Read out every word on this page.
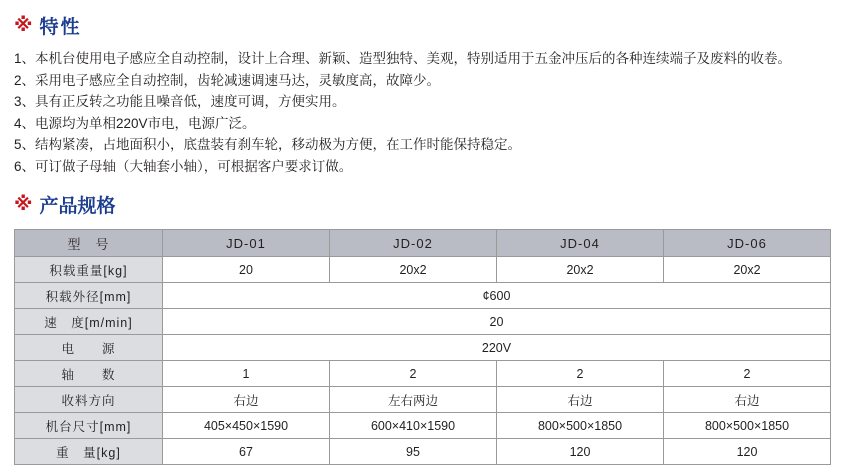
※ 特性
1、本机台使用电子感应全自动控制，设计上合理、新颖、造型独特、美观，特别适用于五金冲压后的各种连续端子及废料的收卷。
2、采用电子感应全自动控制，齿轮减速调速马达，灵敏度高，故障少。
3、具有正反转之功能且噪音低，速度可调，方便实用。
4、电源均为单相220V市电，电源广泛。
5、结构紧凑，占地面积小，底盘装有刹车轮，移动极为方便，在工作时能保持稳定。
6、可订做子母轴（大轴套小轴），可根据客户要求订做。
※ 产品规格
型　号	JD-01	JD-02	JD-04	JD-06
积载重量[kg]	20	20x2	20x2	20x2
积载外径[mm]	¢600			
速　度[m/min]	20			
电　　源	220V			
轴　　数	1	2	2	2
收料方向	右边	左右两边	右边	右边
机台尺寸[mm]	405×450×1590	600×410×1590	800×500×1850	800×500×1850
重　量[kg]	67	95	120	120
